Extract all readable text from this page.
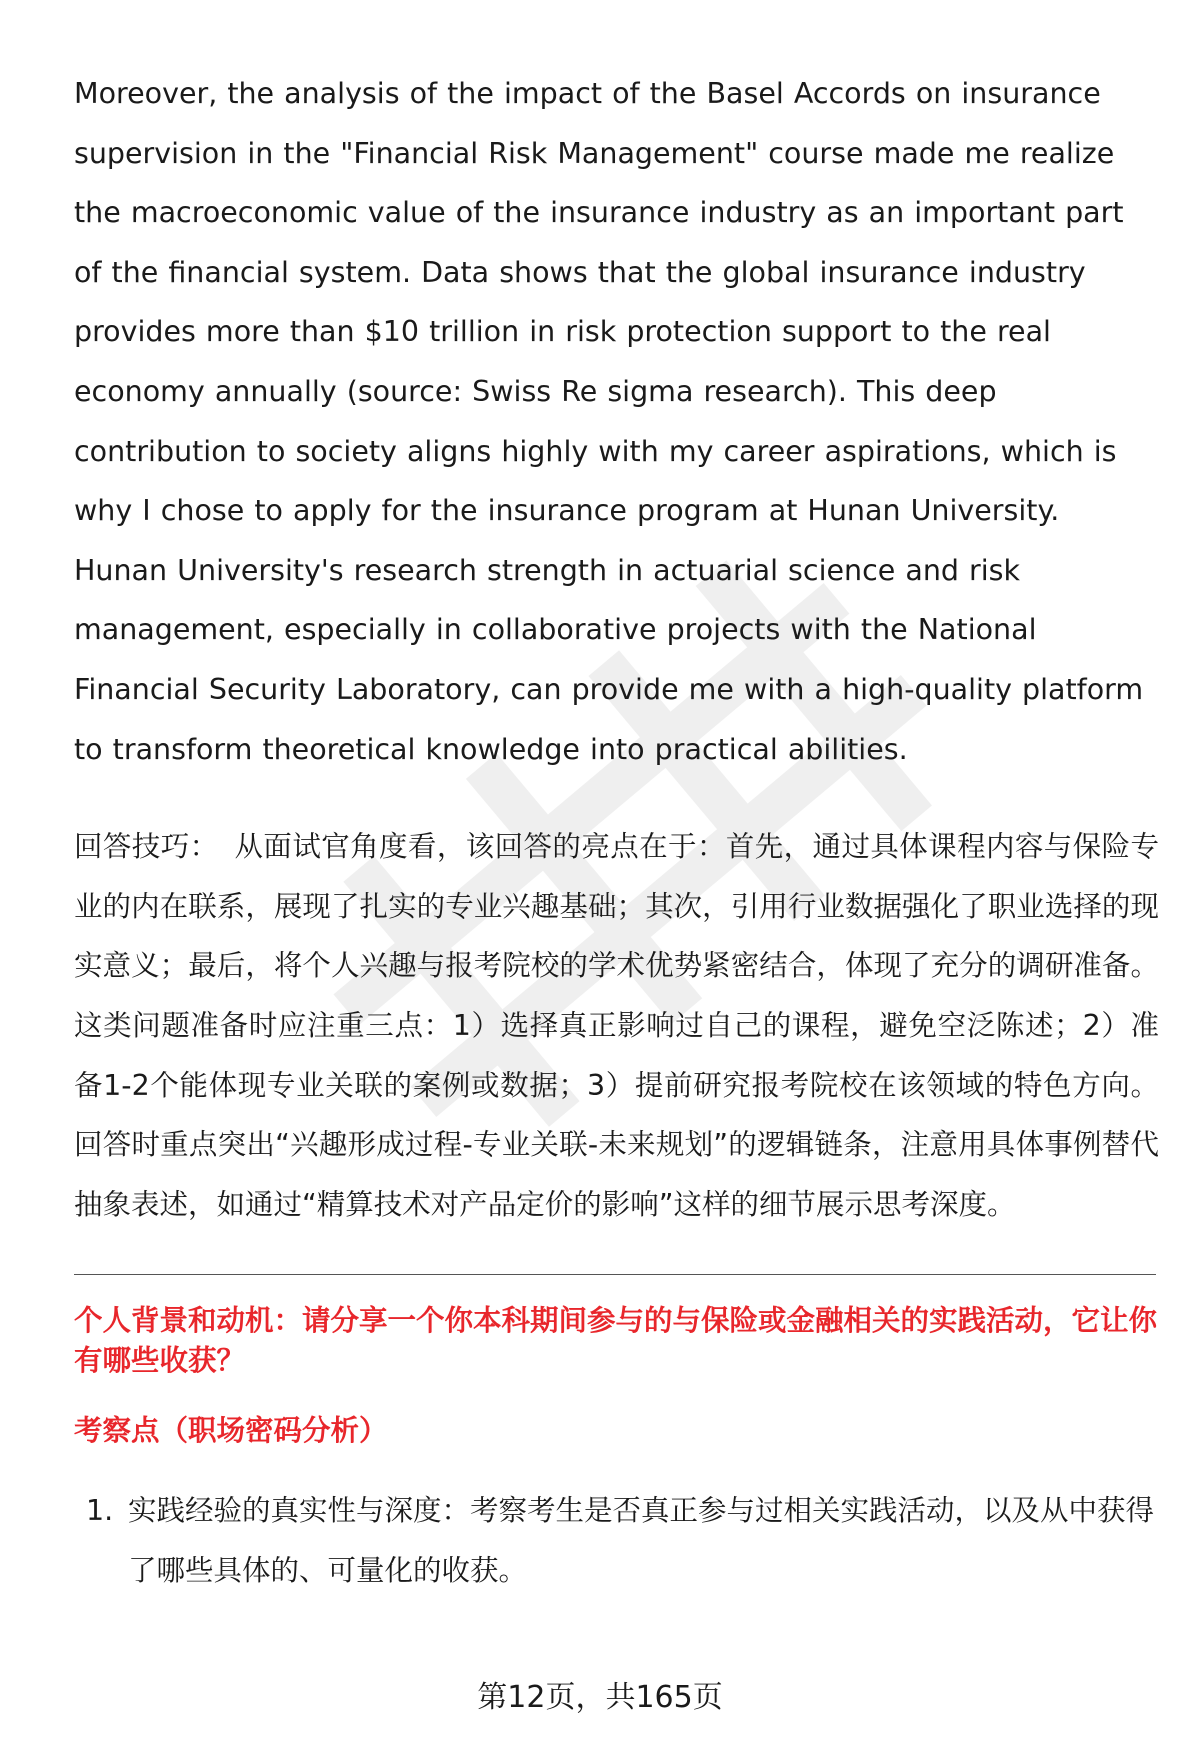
Moreover, the analysis of the impact of the Basel Accords on insurance supervision in the "Financial Risk Management" course made me realize the macroeconomic value of the insurance industry as an important part of the financial system. Data shows that the global insurance industry provides more than $10 trillion in risk protection support to the real economy annually (source: Swiss Re sigma research). This deep contribution to society aligns highly with my career aspirations, which is why I chose to apply for the insurance program at Hunan University. Hunan University's research strength in actuarial science and risk management, especially in collaborative projects with the National Financial Security Laboratory, can provide me with a high-quality platform to transform theoretical knowledge into practical abilities.

回答技巧： 从面试官角度看，该回答的亮点在于：首先，通过具体课程内容与保险专业的内在联系，展现了扎实的专业兴趣基础；其次，引用行业数据强化了职业选择的现实意义；最后，将个人兴趣与报考院校的学术优势紧密结合，体现了充分的调研准备。这类问题准备时应注重三点：1）选择真正影响过自己的课程，避免空泛陈述；2）准备1-2个能体现专业关联的案例或数据；3）提前研究报考院校在该领域的特色方向。回答时重点突出“兴趣形成过程-专业关联-未来规划”的逻辑链条，注意用具体事例替代抽象表述，如通过“精算技术对产品定价的影响”这样的细节展示思考深度。

个人背景和动机：请分享一个你本科期间参与的与保险或金融相关的实践活动，它让你有哪些收获？
考察点（职场密码分析）
1. 实践经验的真实性与深度：考察考生是否真正参与过相关实践活动，以及从中获得了哪些具体的、可量化的收获。
第12页，共165页
